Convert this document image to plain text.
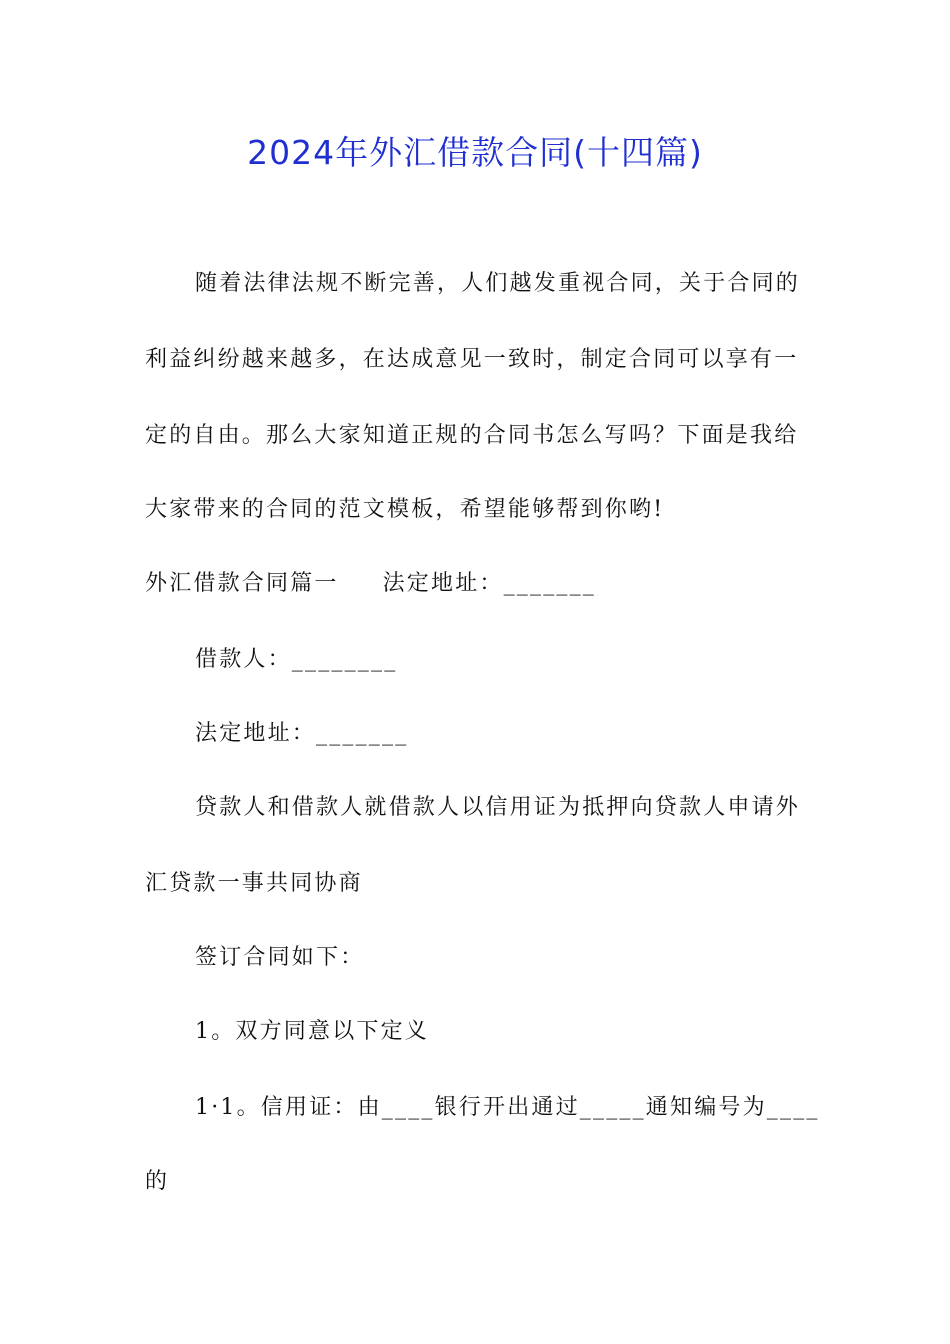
2024年外汇借款合同(十四篇)
随着法律法规不断完善，人们越发重视合同，关于合同的
利益纠纷越来越多，在达成意见一致时，制定合同可以享有一
定的自由。那么大家知道正规的合同书怎么写吗？下面是我给
大家带来的合同的范文模板，希望能够帮到你哟!
外汇借款合同篇一 法定地址：_______
借款人：________
法定地址：_______
贷款人和借款人就借款人以信用证为抵押向贷款人申请外
汇贷款一事共同协商
签订合同如下：
1。双方同意以下定义
1·1。信用证：由____银行开出通过_____通知编号为____
的
